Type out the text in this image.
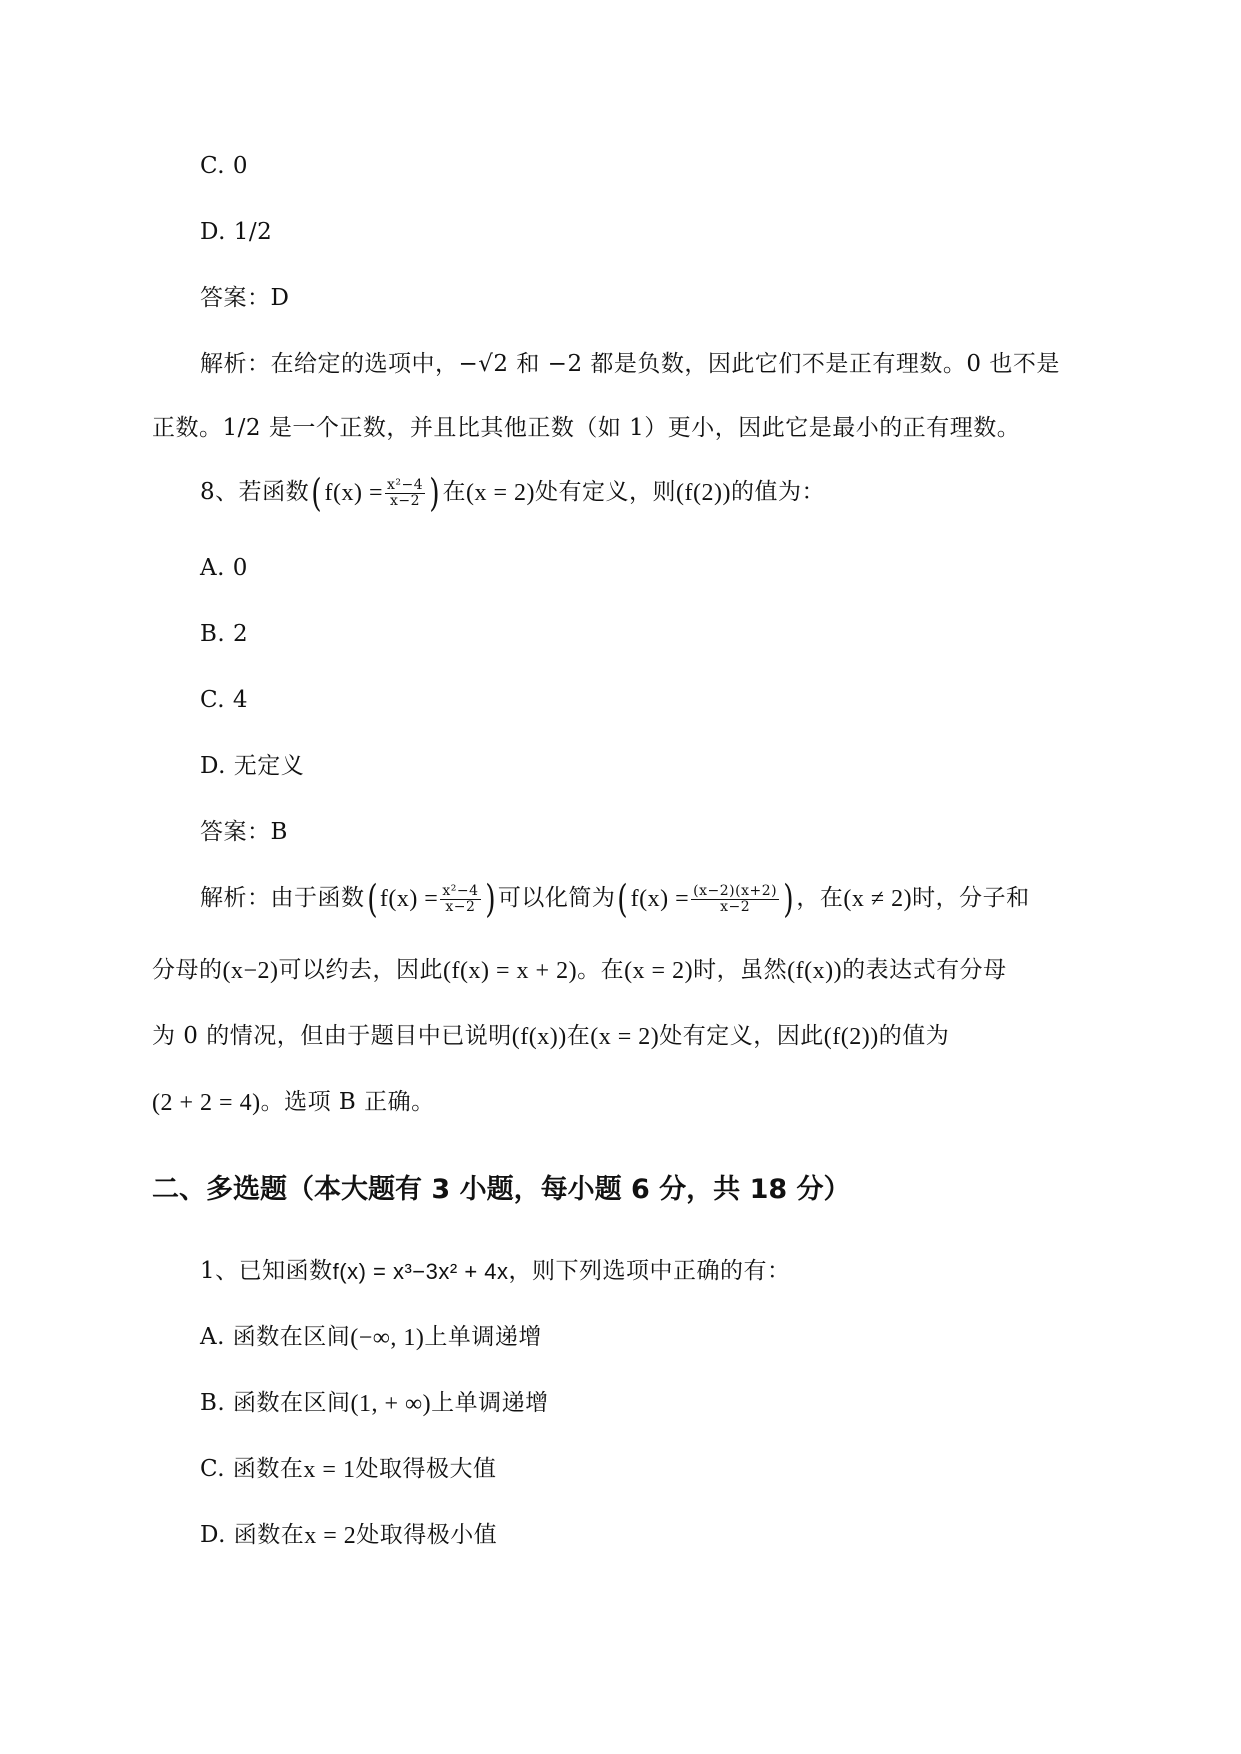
C. 0
D. 1/2
答案：D
解析：在给定的选项中，−√2 和 −2 都是负数，因此它们不是正有理数。0 也不是
正数。1/2 是一个正数，并且比其他正数（如 1）更小，因此它是最小的正有理数。
8、若函数($f(x) = \frac{\text{x²−4}}{x-2}$ )在(x = 2)处有定义，则(f(2))的值为：
A. 0
B. 2
C. 4
D. 无定义
答案：B
解析：由于函数($f(x) = \frac{\text{x²−4}}{x-2}$ )可以化简为($f(x) = \frac{(x-2)(x+2)}{x-2}$ )，在(x ≠ 2)时，分子和
分母的(x−2)可以约去，因此(f(x) = x + 2)。在(x = 2)时，虽然(f(x))的表达式有分母
为 0 的情况，但由于题目中已说明(f(x))在(x = 2)处有定义，因此(f(2))的值为
(2 + 2 = 4)。选项 B 正确。
二、多选题（本大题有 3 小题，每小题 6 分，共 18 分）
1、已知函数f(x) = x³−3x² + 4x，则下列选项中正确的有：
A. 函数在区间(−∞, 1)上单调递增
B. 函数在区间(1, + ∞)上单调递增
C. 函数在x = 1处取得极大值
D. 函数在x = 2处取得极小值
